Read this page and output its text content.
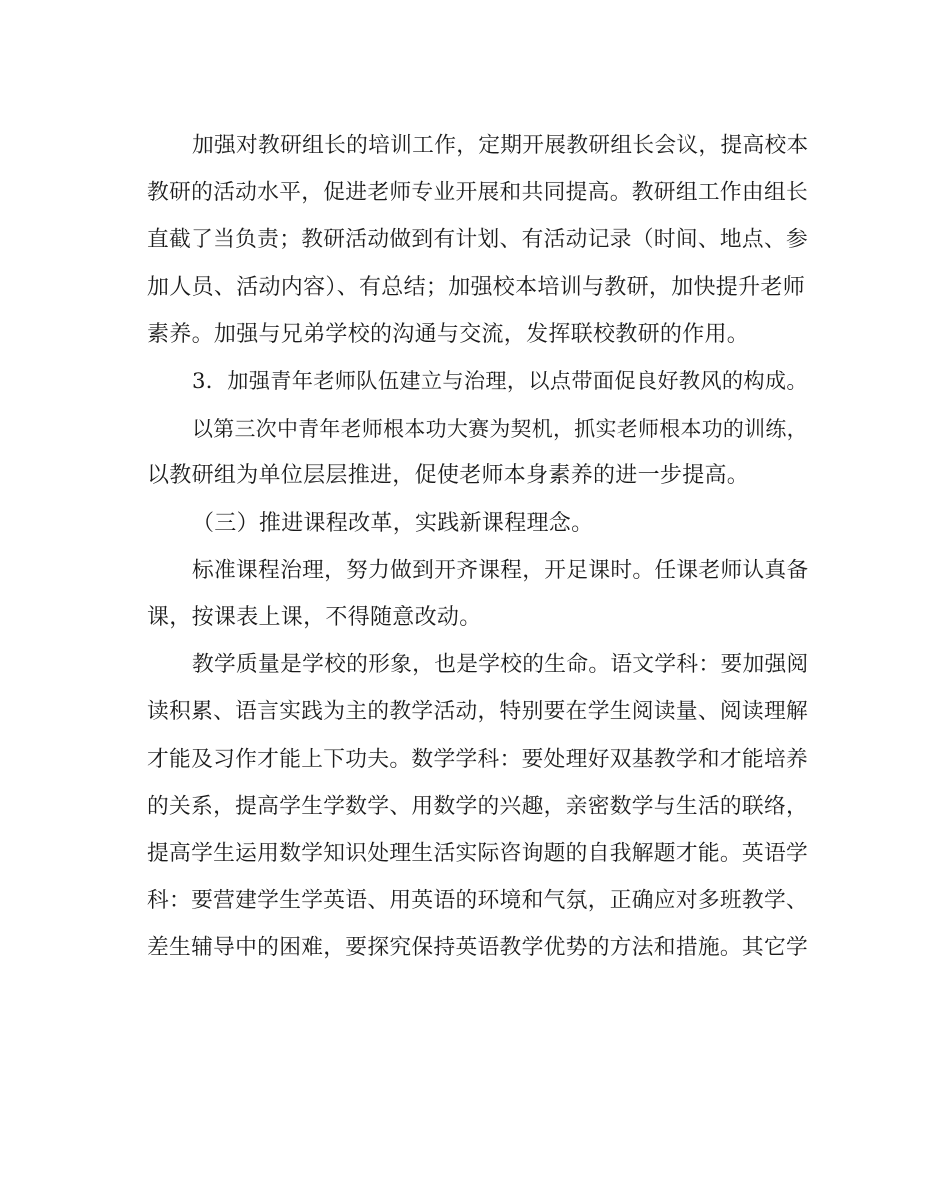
加强对教研组长的培训工作，定期开展教研组长会议，提高校本
教研的活动水平，促进老师专业开展和共同提高。教研组工作由组长
直截了当负责；教研活动做到有计划、有活动记录（时间、地点、参
加人员、活动内容）、有总结；加强校本培训与教研，加快提升老师
素养。加强与兄弟学校的沟通与交流，发挥联校教研的作用。
3．加强青年老师队伍建立与治理，以点带面促良好教风的构成。
以第三次中青年老师根本功大赛为契机，抓实老师根本功的训练，
以教研组为单位层层推进，促使老师本身素养的进一步提高。
（三）推进课程改革，实践新课程理念。
标准课程治理，努力做到开齐课程，开足课时。任课老师认真备
课，按课表上课，不得随意改动。
教学质量是学校的形象，也是学校的生命。语文学科：要加强阅
读积累、语言实践为主的教学活动，特别要在学生阅读量、阅读理解
才能及习作才能上下功夫。数学学科：要处理好双基教学和才能培养
的关系，提高学生学数学、用数学的兴趣，亲密数学与生活的联络，
提高学生运用数学知识处理生活实际咨询题的自我解题才能。英语学
科：要营建学生学英语、用英语的环境和气氛，正确应对多班教学、
差生辅导中的困难，要探究保持英语教学优势的方法和措施。其它学
